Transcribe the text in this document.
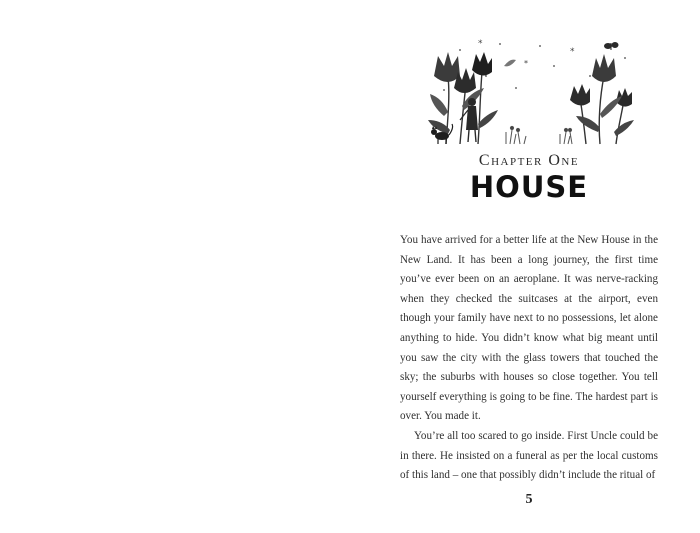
*
*
*
Chapter One
HOUSE

You have arrived for a better life at the New House in the New Land. It has been a long journey, the first time you’ve ever been on an aeroplane. It was nerve-racking when they checked the suitcases at the airport, even though your family have next to no possessions, let alone anything to hide. You didn’t know what big meant until you saw the city with the glass towers that touched the sky; the suburbs with houses so close together. You tell yourself everything is going to be fine. The hardest part is over. You made it.

You’re all too scared to go inside. First Uncle could be in there. He insisted on a funeral as per the local customs of this land – one that possibly didn’t include the ritual of

5
